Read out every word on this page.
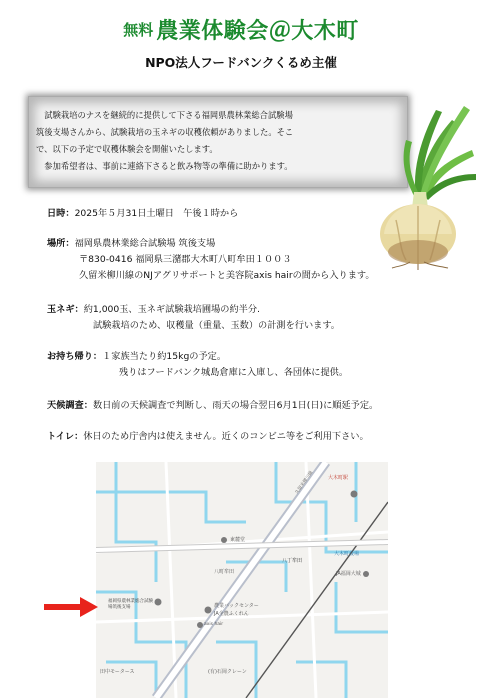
無料 農業体験会＠大木町
NPO法人フードバンクくるめ主催

試験栽培のナスを継続的に提供して下さる福岡県農林業総合試験場

筑後支場さんから、試験栽培の玉ネギの収穫依頼がありました。そこ

で、以下の予定で収穫体験会を開催いたします。

参加希望者は、事前に連絡下さると飲み物等の準備に助かります。

日時：2025年５月31日土曜日　午後１時から
場所：福岡県農林業総合試験場 筑後支場
〒830-0416 福岡県三潴郡大木町八町牟田１００３
久留米柳川線のNJアグリサポートと美容院axis hairの間から入ります。
玉ネギ：約1,000玉、玉ネギ試験栽培圃場の約半分.
試験栽培のため、収穫量（重量、玉数）の計測を行います。
お持ち帰り：１家族当たり約15kgの予定。
残りはフードバンク城島倉庫に入庫し、各団体に提供。
天候調査：数日前の天候調査で判断し、雨天の場合翌日6月1日(日)に順延予定。
トイレ：休日のため庁舎内は使えません。近くのコンビニ等をご利用下さい。
大木町駅
大木町役場
JA福岡大城
東麓堂
八丁牟田
八町牟田
福岡県農林業総合試験場筑後支場	農業バックセンター
JA全農ふくれん
axis hair
田中モータース	(有)石岡クレーン
久留米柳川線
